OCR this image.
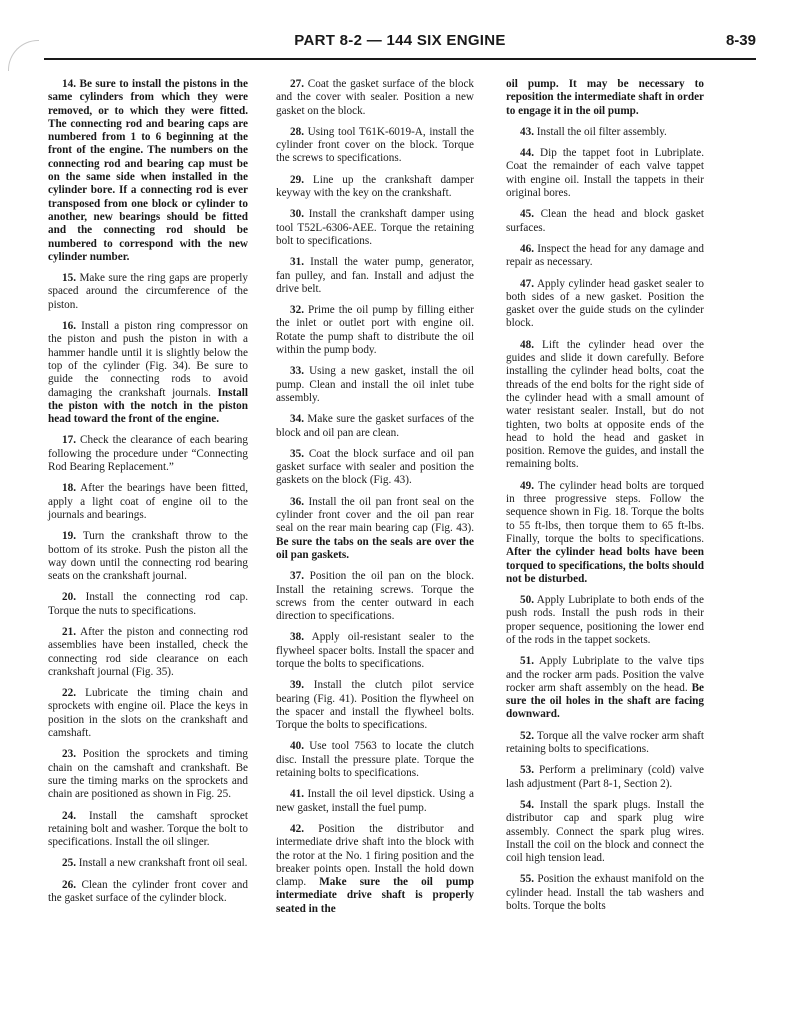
PART 8-2 — 144 SIX ENGINE	8-39

14. Be sure to install the pistons in the same cylinders from which they were removed, or to which they were fitted. The connecting rod and bearing caps are numbered from 1 to 6 beginning at the front of the engine. The numbers on the connecting rod and bearing cap must be on the same side when installed in the cylinder bore. If a connecting rod is ever transposed from one block or cylinder to another, new bearings should be fitted and the connecting rod should be numbered to correspond with the new cylinder number.

15. Make sure the ring gaps are properly spaced around the circumference of the piston.

16. Install a piston ring compressor on the piston and push the piston in with a hammer handle until it is slightly below the top of the cylinder (Fig. 34). Be sure to guide the connecting rods to avoid damaging the crankshaft journals. Install the piston with the notch in the piston head toward the front of the engine.

17. Check the clearance of each bearing following the procedure under “Connecting Rod Bearing Replacement.”

18. After the bearings have been fitted, apply a light coat of engine oil to the journals and bearings.

19. Turn the crankshaft throw to the bottom of its stroke. Push the piston all the way down until the connecting rod bearing seats on the crankshaft journal.

20. Install the connecting rod cap. Torque the nuts to specifications.

21. After the piston and connecting rod assemblies have been installed, check the connecting rod side clearance on each crankshaft journal (Fig. 35).

22. Lubricate the timing chain and sprockets with engine oil. Place the keys in position in the slots on the crankshaft and camshaft.

23. Position the sprockets and timing chain on the camshaft and crankshaft. Be sure the timing marks on the sprockets and chain are positioned as shown in Fig. 25.

24. Install the camshaft sprocket retaining bolt and washer. Torque the bolt to specifications. Install the oil slinger.

25. Install a new crankshaft front oil seal.

26. Clean the cylinder front cover and the gasket surface of the cylinder block.

27. Coat the gasket surface of the block and the cover with sealer. Position a new gasket on the block.

28. Using tool T61K-6019-A, install the cylinder front cover on the block. Torque the screws to specifications.

29. Line up the crankshaft damper keyway with the key on the crankshaft.

30. Install the crankshaft damper using tool T52L-6306-AEE. Torque the retaining bolt to specifications.

31. Install the water pump, generator, fan pulley, and fan. Install and adjust the drive belt.

32. Prime the oil pump by filling either the inlet or outlet port with engine oil. Rotate the pump shaft to distribute the oil within the pump body.

33. Using a new gasket, install the oil pump. Clean and install the oil inlet tube assembly.

34. Make sure the gasket surfaces of the block and oil pan are clean.

35. Coat the block surface and oil pan gasket surface with sealer and position the gaskets on the block (Fig. 43).

36. Install the oil pan front seal on the cylinder front cover and the oil pan rear seal on the rear main bearing cap (Fig. 43). Be sure the tabs on the seals are over the oil pan gaskets.

37. Position the oil pan on the block. Install the retaining screws. Torque the screws from the center outward in each direction to specifications.

38. Apply oil-resistant sealer to the flywheel spacer bolts. Install the spacer and torque the bolts to specifications.

39. Install the clutch pilot service bearing (Fig. 41). Position the flywheel on the spacer and install the flywheel bolts. Torque the bolts to specifications.

40. Use tool 7563 to locate the clutch disc. Install the pressure plate. Torque the retaining bolts to specifications.

41. Install the oil level dipstick. Using a new gasket, install the fuel pump.

42. Position the distributor and intermediate drive shaft into the block with the rotor at the No. 1 firing position and the breaker points open. Install the hold down clamp. Make sure the oil pump intermediate drive shaft is properly seated in the

oil pump. It may be necessary to reposition the intermediate shaft in order to engage it in the oil pump.

43. Install the oil filter assembly.

44. Dip the tappet foot in Lubriplate. Coat the remainder of each valve tappet with engine oil. Install the tappets in their original bores.

45. Clean the head and block gasket surfaces.

46. Inspect the head for any damage and repair as necessary.

47. Apply cylinder head gasket sealer to both sides of a new gasket. Position the gasket over the guide studs on the cylinder block.

48. Lift the cylinder head over the guides and slide it down carefully. Before installing the cylinder head bolts, coat the threads of the end bolts for the right side of the cylinder head with a small amount of water resistant sealer. Install, but do not tighten, two bolts at opposite ends of the head to hold the head and gasket in position. Remove the guides, and install the remaining bolts.

49. The cylinder head bolts are torqued in three progressive steps. Follow the sequence shown in Fig. 18. Torque the bolts to 55 ft-lbs, then torque them to 65 ft-lbs. Finally, torque the bolts to specifications. After the cylinder head bolts have been torqued to specifications, the bolts should not be disturbed.

50. Apply Lubriplate to both ends of the push rods. Install the push rods in their proper sequence, positioning the lower end of the rods in the tappet sockets.

51. Apply Lubriplate to the valve tips and the rocker arm pads. Position the valve rocker arm shaft assembly on the head. Be sure the oil holes in the shaft are facing downward.

52. Torque all the valve rocker arm shaft retaining bolts to specifications.

53. Perform a preliminary (cold) valve lash adjustment (Part 8-1, Section 2).

54. Install the spark plugs. Install the distributor cap and spark plug wire assembly. Connect the spark plug wires. Install the coil on the block and connect the coil high tension lead.

55. Position the exhaust manifold on the cylinder head. Install the tab washers and bolts. Torque the bolts
